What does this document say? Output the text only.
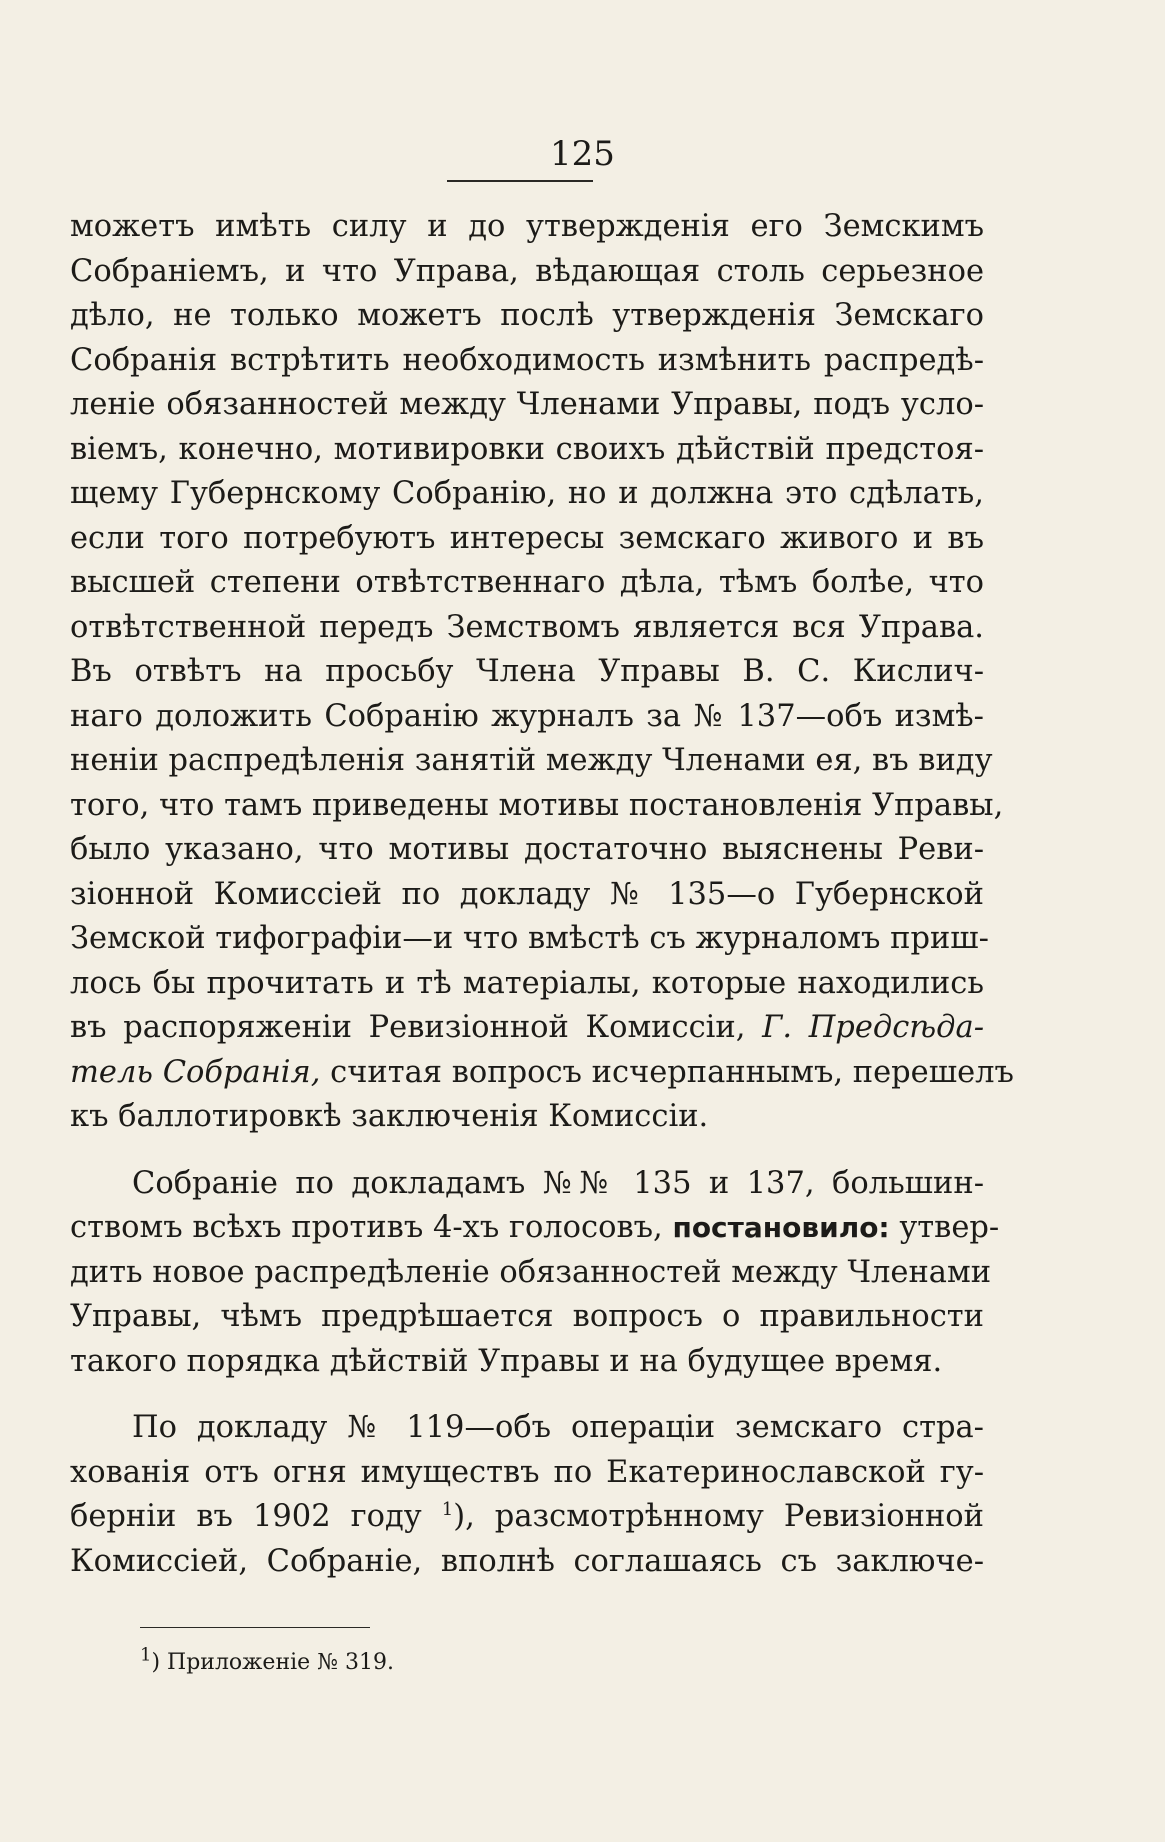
125
можетъ имѣть силу и до утвержденія его Земскимъ
Собраніемъ, и что Управа, вѣдающая столь серьезное
дѣло, не только можетъ послѣ утвержденія Земскаго
Собранія встрѣтить необходимость измѣнить распредѣ-
леніе обязанностей между Членами Управы, подъ усло-
віемъ, конечно, мотивировки своихъ дѣйствій предстоя-
щему Губернскому Собранію, но и должна это сдѣлать,
если того потребуютъ интересы земскаго живого и въ
высшей степени отвѣтственнаго дѣла, тѣмъ болѣе, что
отвѣтственной передъ Земствомъ является вся Управа.
Въ отвѣтъ на просьбу Члена Управы В. С. Кислич-
наго доложить Собранію журналъ за № 137—объ измѣ-
неніи распредѣленія занятій между Членами ея, въ виду
того, что тамъ приведены мотивы постановленія Управы,
было указано, что мотивы достаточно выяснены Реви-
зіонной Комиссіей по докладу № 135—о Губернской
Земской тифографіи—и что вмѣстѣ съ журналомъ приш-
лось бы прочитать и тѣ матеріалы, которые находились
въ распоряженіи Ревизіонной Комиссіи, Г. Предсѣда-
тель Собранія, считая вопросъ исчерпаннымъ, перешелъ
къ баллотировкѣ заключенія Комиссіи.
Собраніе по докладамъ №№ 135 и 137, большин-
ствомъ всѣхъ противъ 4-хъ голосовъ, постановило: утвер-
дить новое распредѣленіе обязанностей между Членами
Управы, чѣмъ предрѣшается вопросъ о правильности
такого порядка дѣйствій Управы и на будущее время.
По докладу № 119—объ операціи земскаго стра-
хованія отъ огня имуществъ по Екатеринославской гу-
берніи въ 1902 году $^1$), разсмотрѣнному Ревизіонной
Комиссіей, Собраніе, вполнѣ соглашаясь съ заключе-
$^1$) Приложеніе № 319.
